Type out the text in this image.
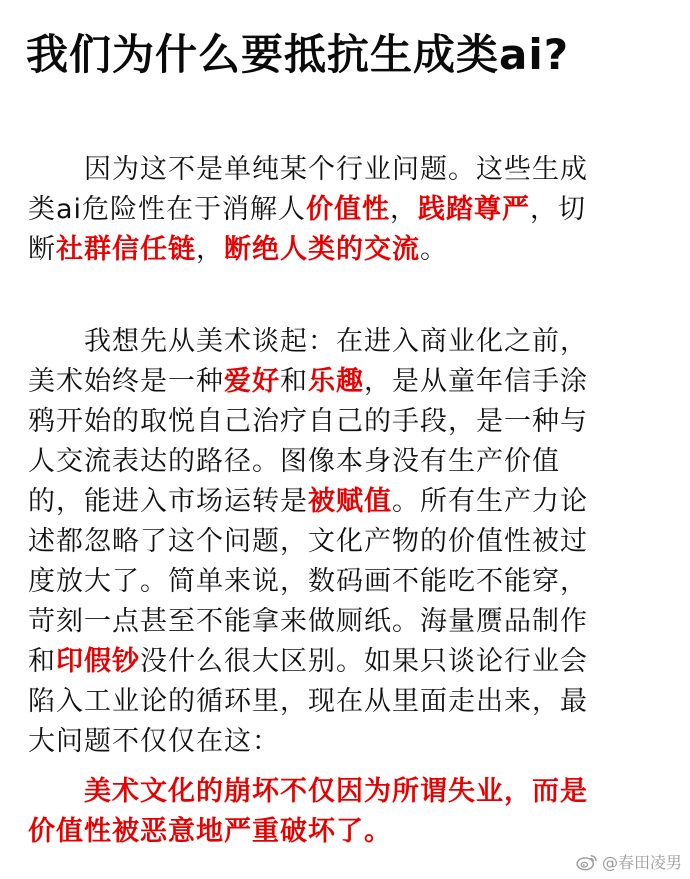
我们为什么要抵抗生成类ai?
因为这不是单纯某个行业问题。这些生成
类ai危险性在于消解人价值性，践踏尊严，切
断社群信任链，断绝人类的交流。
我想先从美术谈起：在进入商业化之前，
美术始终是一种爱好和乐趣，是从童年信手涂
鸦开始的取悦自己治疗自己的手段，是一种与
人交流表达的路径。图像本身没有生产价值
的，能进入市场运转是被赋值。所有生产力论
述都忽略了这个问题，文化产物的价值性被过
度放大了。简单来说，数码画不能吃不能穿，
苛刻一点甚至不能拿来做厕纸。海量赝品制作
和印假钞没什么很大区别。如果只谈论行业会
陷入工业论的循环里，现在从里面走出来，最
大问题不仅仅在这：
美术文化的崩坏不仅因为所谓失业，而是
价值性被恶意地严重破坏了。
@春田凌男
